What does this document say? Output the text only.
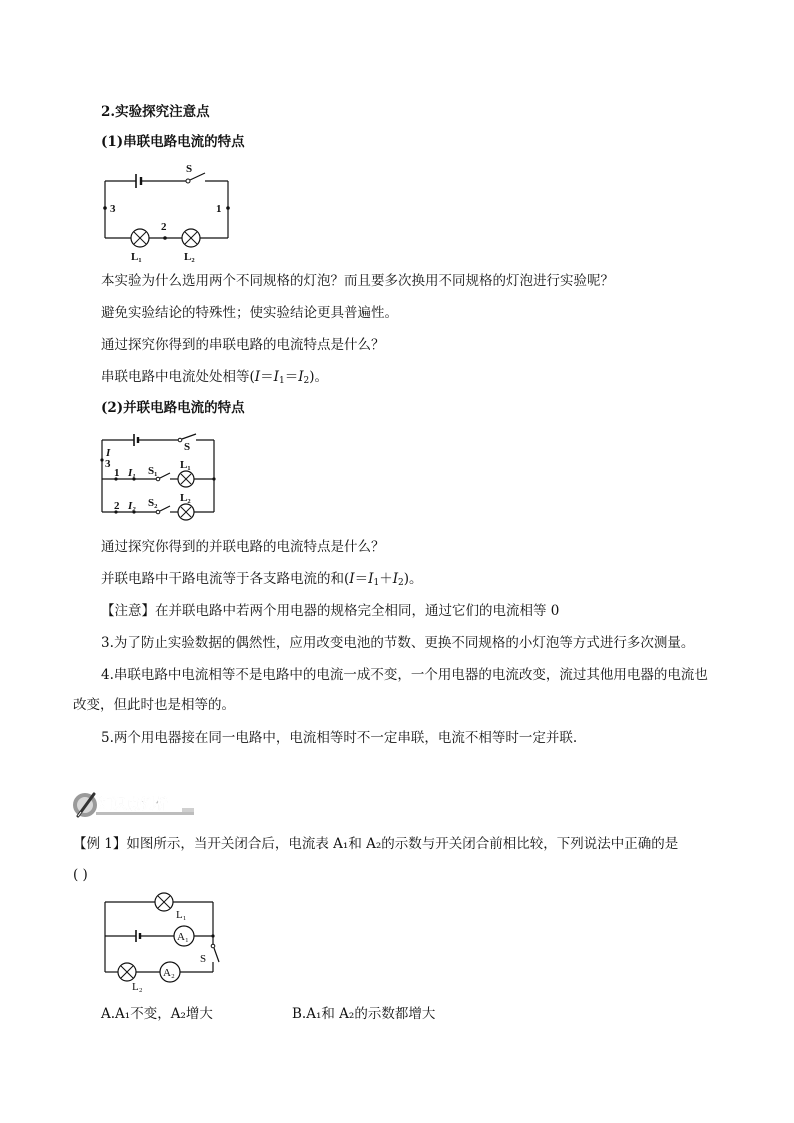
2.实验探究注意点
(1)串联电路电流的特点
S
3	1
2
L₁	L₂
本实验为什么选用两个不同规格的灯泡？而且要多次换用不同规格的灯泡进行实验呢？
避免实验结论的特殊性；使实验结论更具普遍性。
通过探究你得到的串联电路的电流特点是什么？
串联电路中电流处处相等$(I=I_1=I_2)$。
(2)并联电路电流的特点
S
I
3
1 I₁ S₁ L₁
2 I₂ S₂ L₂
通过探究你得到的并联电路的电流特点是什么？
并联电路中干路电流等于各支路电流的和$(I=I_1+I_2)$。
【注意】在并联电路中若两个用电器的规格完全相同，通过它们的电流相等 0
3.为了防止实验数据的偶然性，应用改变电池的节数、更换不同规格的小灯泡等方式进行多次测量。
4.串联电路中电流相等不是电路中的电流一成不变，一个用电器的电流改变，流过其他用电器的电流也
改变，但此时也是相等的。
5.两个用电器接在同一电路中，电流相等时不一定串联，电流不相等时一定并联.
知识点例析
【例 1】如图所示，当开关闭合后，电流表 A₁和 A₂的示数与开关闭合前相比较，下列说法中正确的是
( )
L₁
A₁
A₂
L₂
S
A.A₁不变，A₂增大	B.A₁和 A₂的示数都增大
